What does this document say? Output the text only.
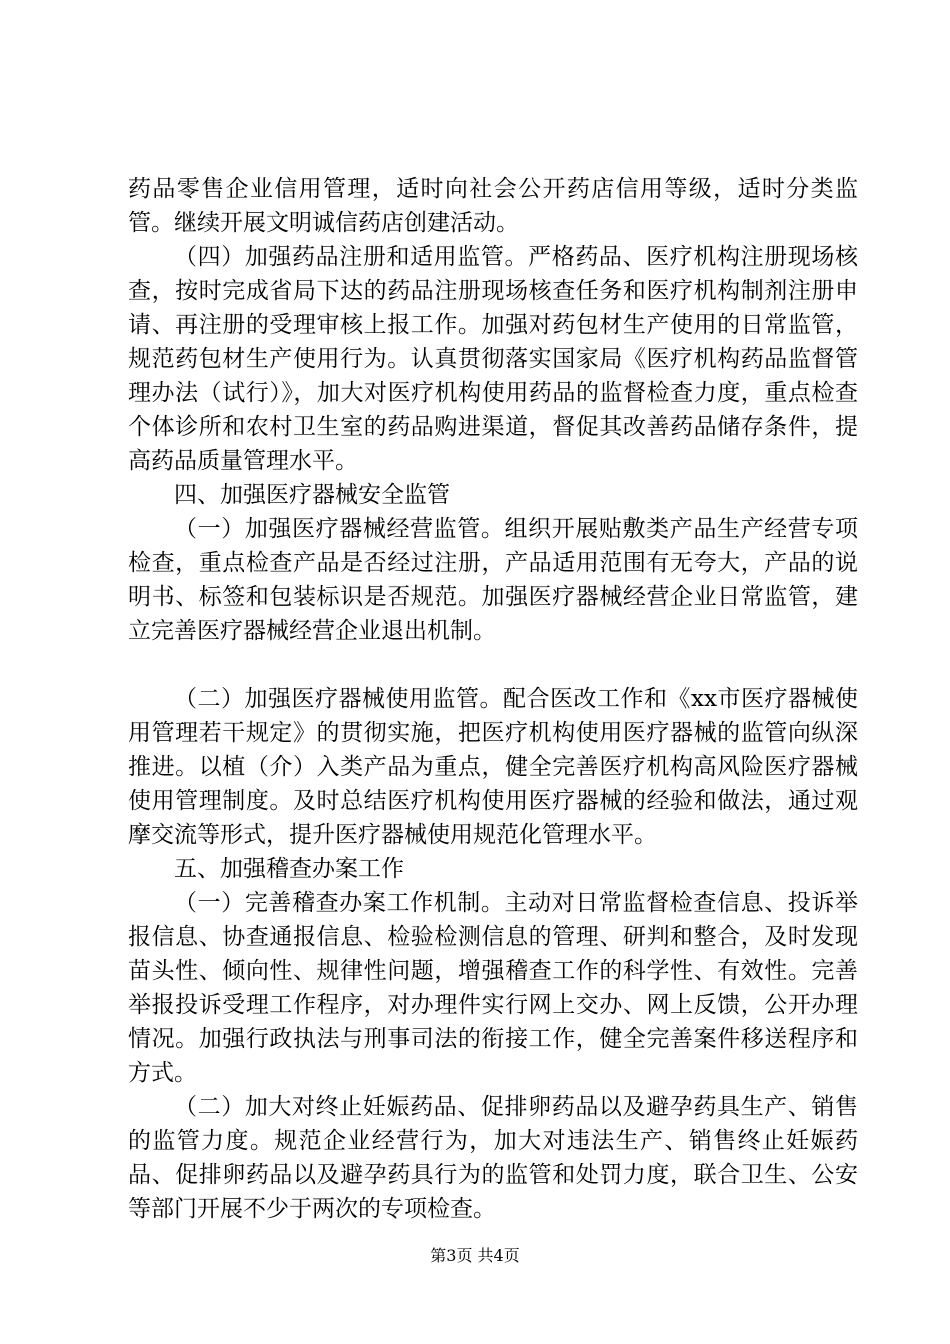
药品零售企业信用管理，适时向社会公开药店信用等级，适时分类监管。继续开展文明诚信药店创建活动。

（四）加强药品注册和适用监管。严格药品、医疗机构注册现场核查，按时完成省局下达的药品注册现场核查任务和医疗机构制剂注册申请、再注册的受理审核上报工作。加强对药包材生产使用的日常监管，规范药包材生产使用行为。认真贯彻落实国家局《医疗机构药品监督管理办法（试行）》，加大对医疗机构使用药品的监督检查力度，重点检查个体诊所和农村卫生室的药品购进渠道，督促其改善药品储存条件，提高药品质量管理水平。

四、加强医疗器械安全监管

（一）加强医疗器械经营监管。组织开展贴敷类产品生产经营专项检查，重点检查产品是否经过注册，产品适用范围有无夸大，产品的说明书、标签和包装标识是否规范。加强医疗器械经营企业日常监管，建立完善医疗器械经营企业退出机制。

（二）加强医疗器械使用监管。配合医改工作和《xx市医疗器械使用管理若干规定》的贯彻实施，把医疗机构使用医疗器械的监管向纵深推进。以植（介）入类产品为重点，健全完善医疗机构高风险医疗器械使用管理制度。及时总结医疗机构使用医疗器械的经验和做法，通过观摩交流等形式，提升医疗器械使用规范化管理水平。

五、加强稽查办案工作

（一）完善稽查办案工作机制。主动对日常监督检查信息、投诉举报信息、协查通报信息、检验检测信息的管理、研判和整合，及时发现苗头性、倾向性、规律性问题，增强稽查工作的科学性、有效性。完善举报投诉受理工作程序，对办理件实行网上交办、网上反馈，公开办理情况。加强行政执法与刑事司法的衔接工作，健全完善案件移送程序和方式。

（二）加大对终止妊娠药品、促排卵药品以及避孕药具生产、销售的监管力度。规范企业经营行为，加大对违法生产、销售终止妊娠药品、促排卵药品以及避孕药具行为的监管和处罚力度，联合卫生、公安等部门开展不少于两次的专项检查。

第3页 共4页
